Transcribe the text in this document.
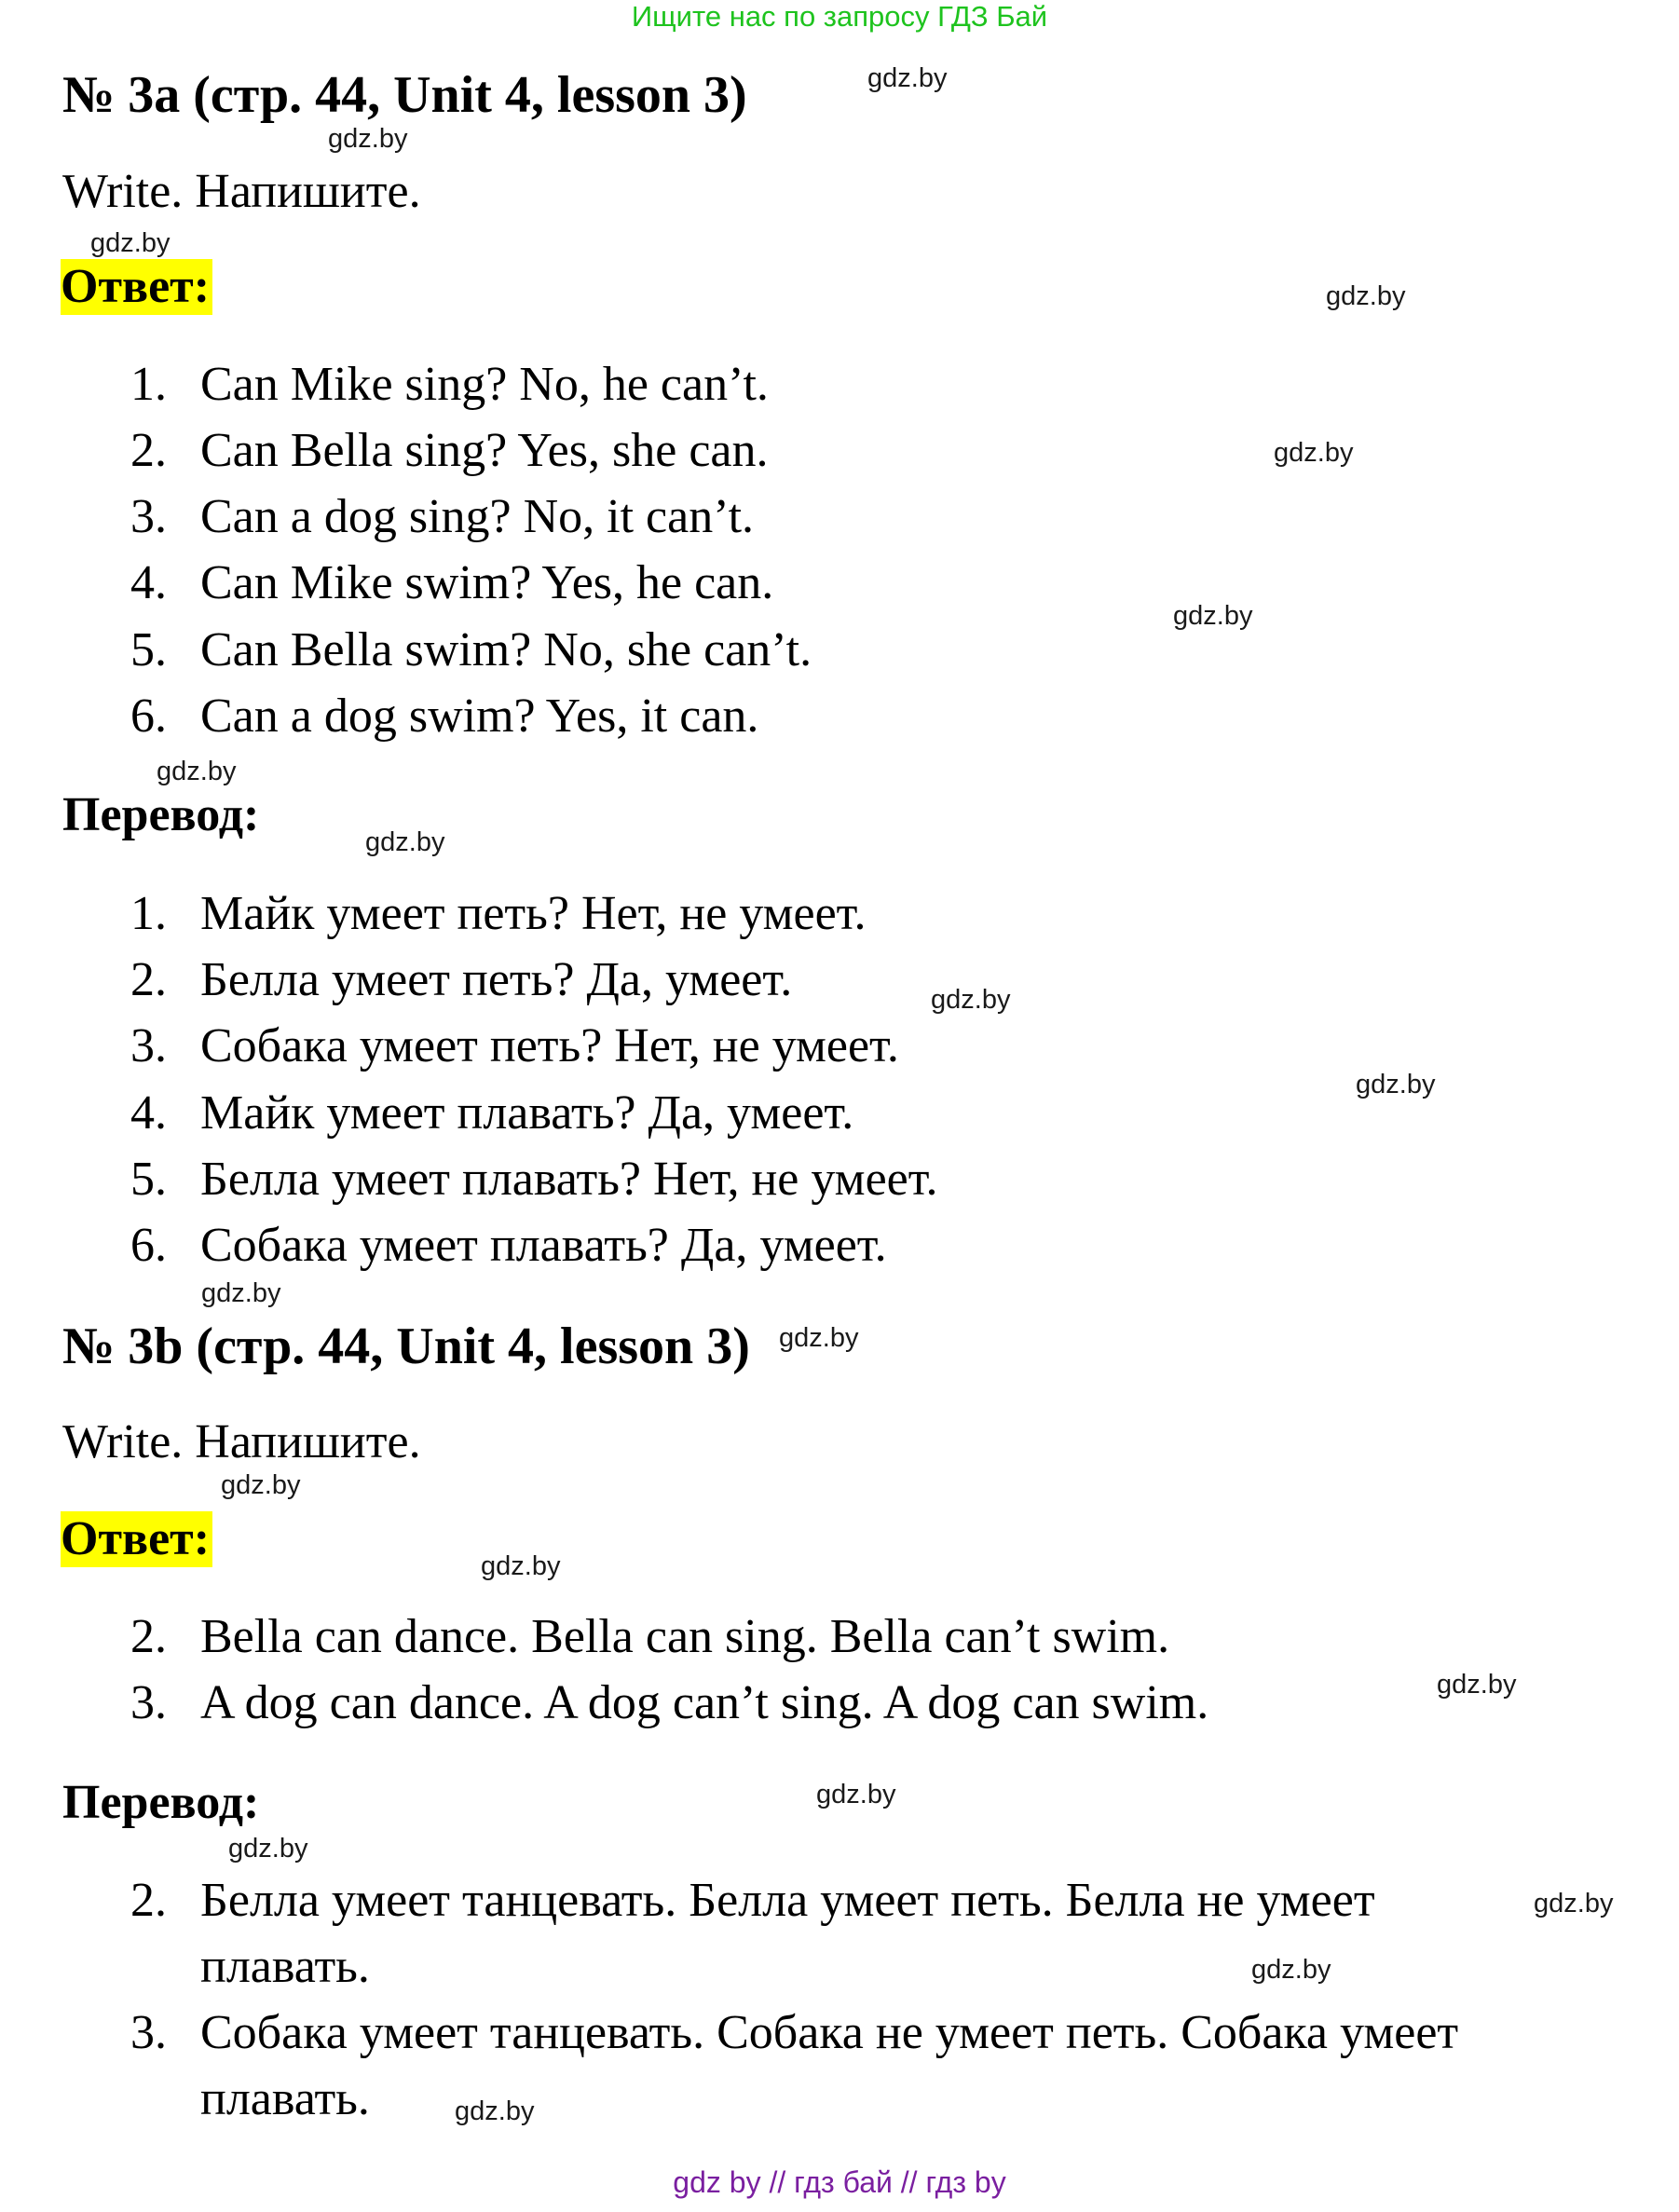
Ищите нас по запросу ГДЗ Бай
№ 3a (стр. 44, Unit 4, lesson 3)
Write. Напишите.
Ответ:
1. Can Mike sing? No, he can’t.
2. Can Bella sing? Yes, she can.
3. Can a dog sing? No, it can’t.
4. Can Mike swim? Yes, he can.
5. Can Bella swim? No, she can’t.
6. Can a dog swim? Yes, it can.
Перевод:
1. Майк умеет петь? Нет, не умеет.
2. Белла умеет петь? Да, умеет.
3. Собака умеет петь? Нет, не умеет.
4. Майк умеет плавать? Да, умеет.
5. Белла умеет плавать? Нет, не умеет.
6. Собака умеет плавать? Да, умеет.
№ 3b (стр. 44, Unit 4, lesson 3)
Write. Напишите.
Ответ:
2. Bella can dance. Bella can sing. Bella can’t swim.
3. A dog can dance. A dog can’t sing. A dog can swim.
Перевод:
2. Белла умеет танцевать. Белла умеет петь. Белла не умеет
плавать.
3. Собака умеет танцевать. Собака не умеет петь. Собака умеет
плавать.
gdz.by
gdz.by
gdz.by
gdz.by
gdz.by
gdz.by
gdz.by
gdz.by
gdz.by
gdz.by
gdz.by
gdz.by
gdz.by
gdz.by
gdz.by
gdz.by
gdz.by
gdz.by
gdz.by
gdz.by
gdz by // гдз бай // гдз by
